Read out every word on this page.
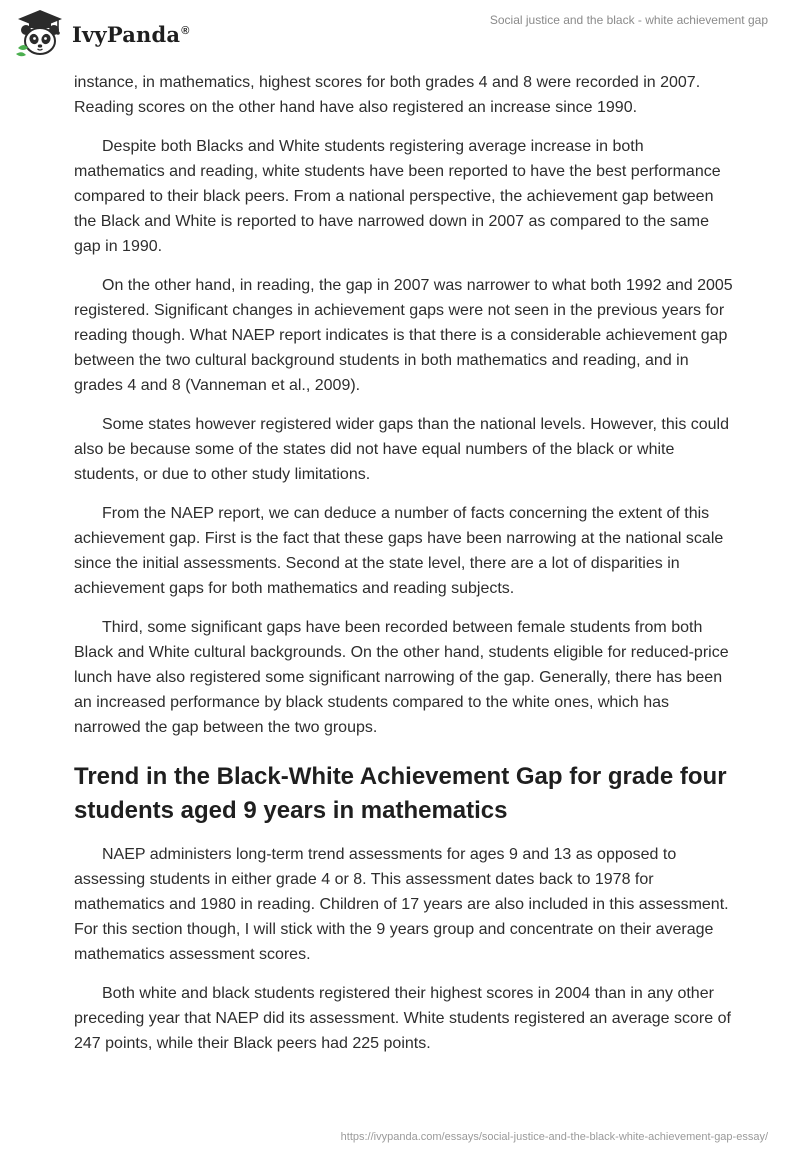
IvyPanda®
Social justice and the black - white achievement gap

instance, in mathematics, highest scores for both grades 4 and 8 were recorded in 2007. Reading scores on the other hand have also registered an increase since 1990.

Despite both Blacks and White students registering average increase in both mathematics and reading, white students have been reported to have the best performance compared to their black peers. From a national perspective, the achievement gap between the Black and White is reported to have narrowed down in 2007 as compared to the same gap in 1990.

On the other hand, in reading, the gap in 2007 was narrower to what both 1992 and 2005 registered. Significant changes in achievement gaps were not seen in the previous years for reading though. What NAEP report indicates is that there is a considerable achievement gap between the two cultural background students in both mathematics and reading, and in grades 4 and 8 (Vanneman et al., 2009).

Some states however registered wider gaps than the national levels. However, this could also be because some of the states did not have equal numbers of the black or white students, or due to other study limitations.

From the NAEP report, we can deduce a number of facts concerning the extent of this achievement gap. First is the fact that these gaps have been narrowing at the national scale since the initial assessments. Second at the state level, there are a lot of disparities in achievement gaps for both mathematics and reading subjects.

Third, some significant gaps have been recorded between female students from both Black and White cultural backgrounds. On the other hand, students eligible for reduced-price lunch have also registered some significant narrowing of the gap. Generally, there has been an increased performance by black students compared to the white ones, which has narrowed the gap between the two groups.

Trend in the Black-White Achievement Gap for grade four students aged 9 years in mathematics

NAEP administers long-term trend assessments for ages 9 and 13 as opposed to assessing students in either grade 4 or 8. This assessment dates back to 1978 for mathematics and 1980 in reading. Children of 17 years are also included in this assessment. For this section though, I will stick with the 9 years group and concentrate on their average mathematics assessment scores.

Both white and black students registered their highest scores in 2004 than in any other preceding year that NAEP did its assessment. White students registered an average score of 247 points, while their Black peers had 225 points.

https://ivypanda.com/essays/social-justice-and-the-black-white-achievement-gap-essay/
